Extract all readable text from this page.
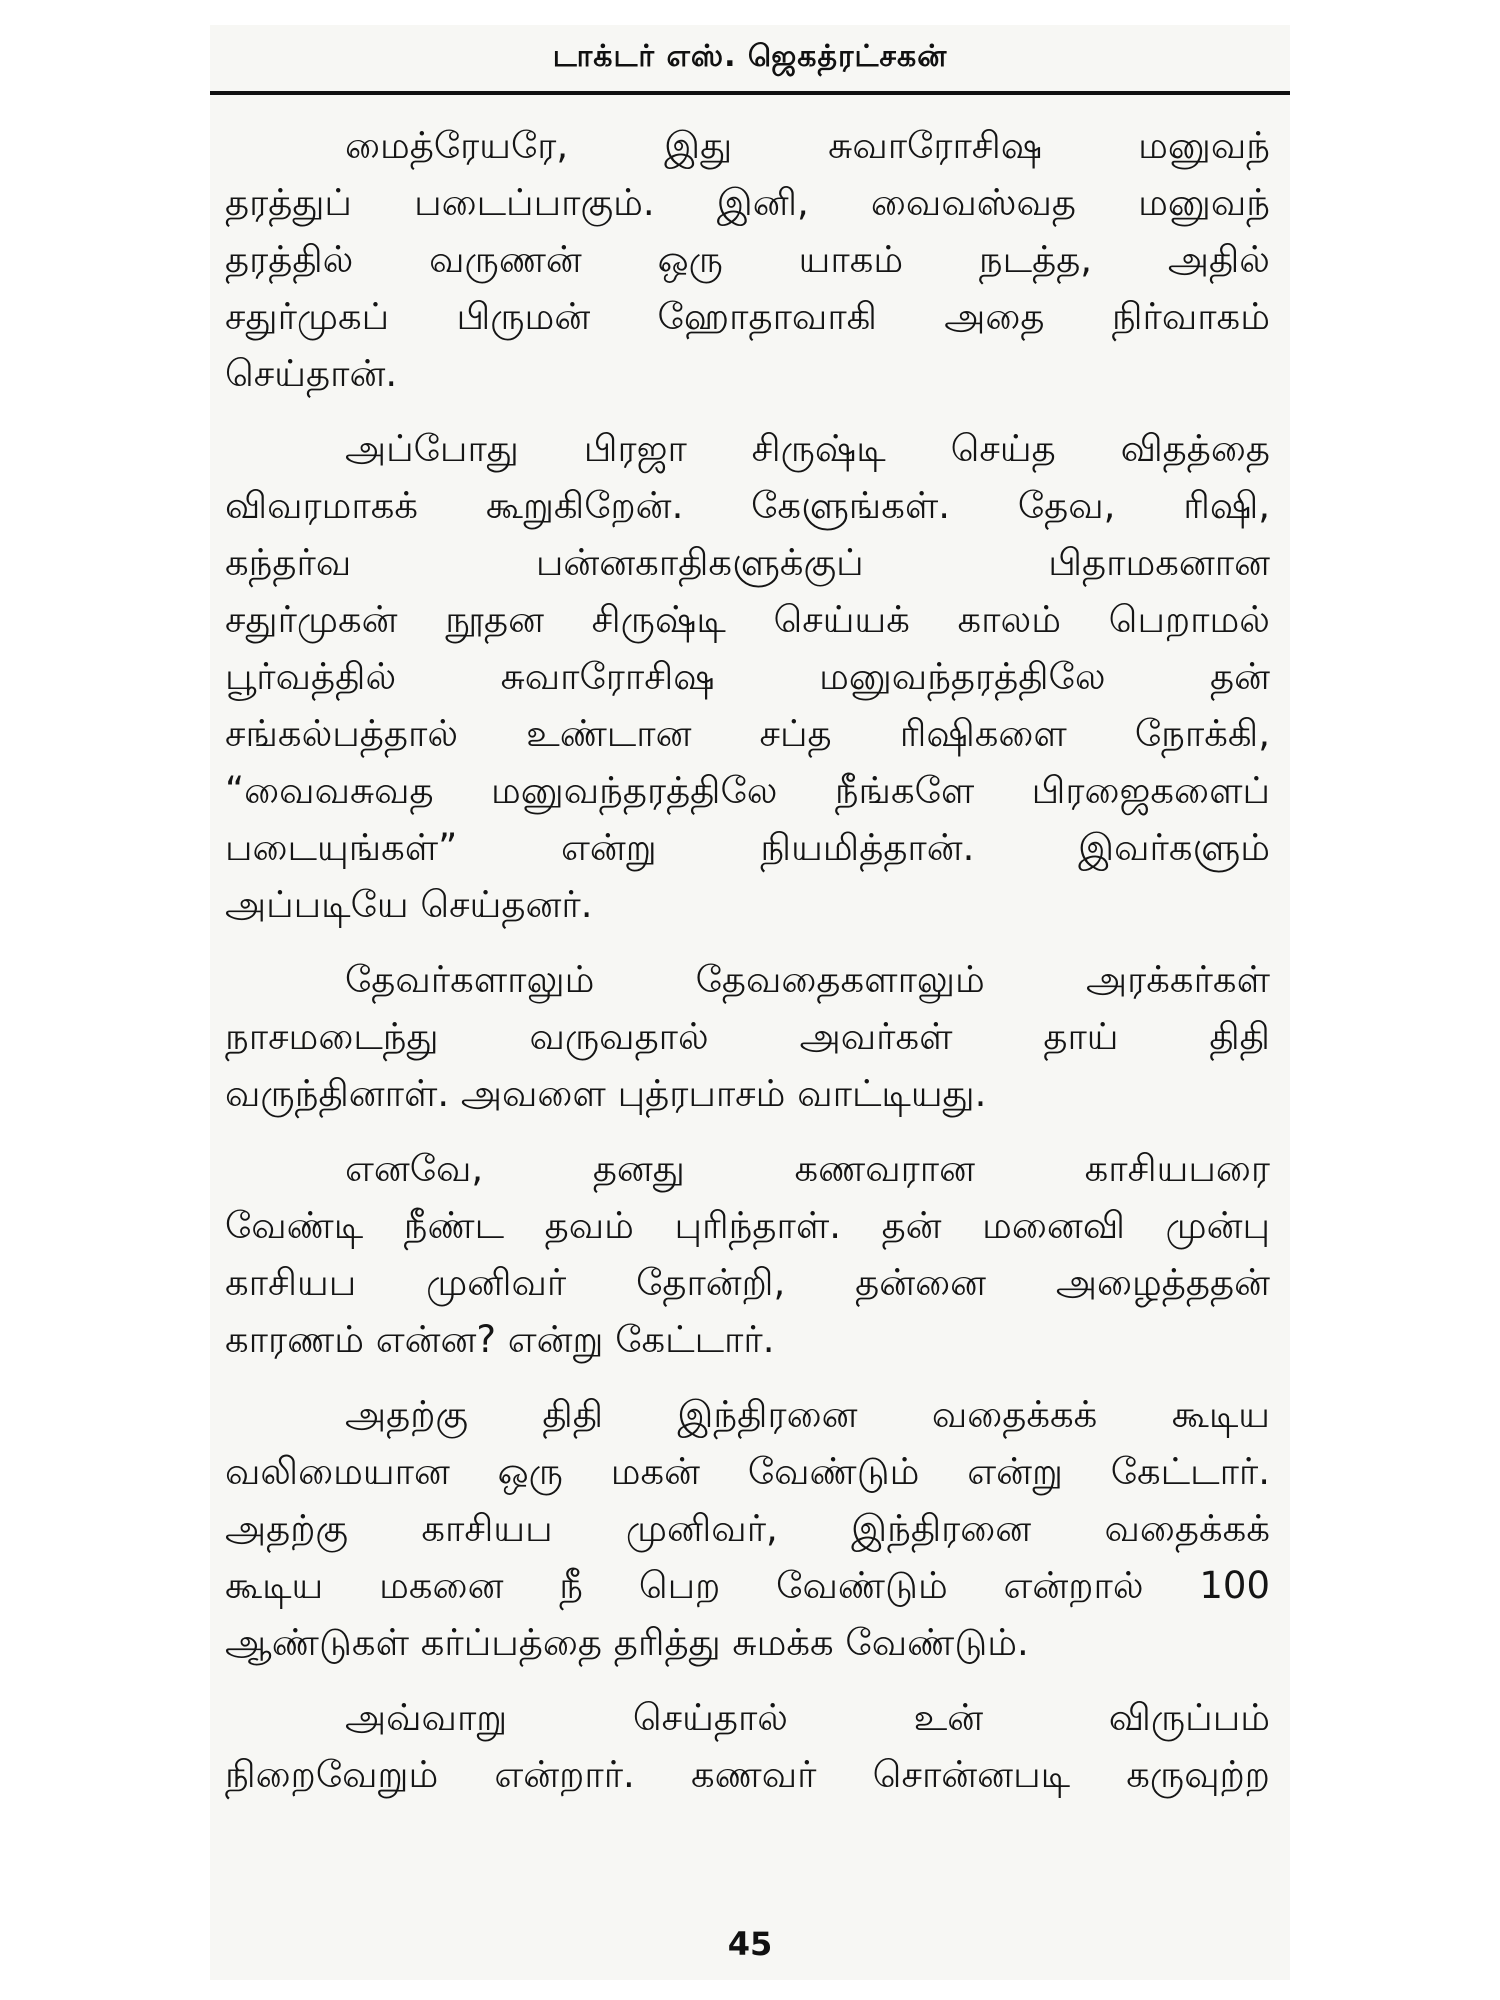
டாக்டர் எஸ். ஜெகத்ரட்சகன்
மைத்ரேயரே, இது சுவாரோசிஷ மனுவந்
தரத்துப் படைப்பாகும். இனி, வைவஸ்வத மனுவந்
தரத்தில் வருணன் ஒரு யாகம் நடத்த, அதில்
சதுர்முகப் பிருமன் ஹோதாவாகி அதை நிர்வாகம்
செய்தான்.
அப்போது பிரஜா சிருஷ்டி செய்த விதத்தை
விவரமாகக் கூறுகிறேன். கேளுங்கள். தேவ, ரிஷி,
கந்தர்வ பன்னகாதிகளுக்குப் பிதாமகனான
சதுர்முகன் நூதன சிருஷ்டி செய்யக் காலம் பெறாமல்
பூர்வத்தில் சுவாரோசிஷ மனுவந்தரத்திலே தன்
சங்கல்பத்தால் உண்டான சப்த ரிஷிகளை நோக்கி,
“வைவசுவத மனுவந்தரத்திலே நீங்களே பிரஜைகளைப்
படையுங்கள்” என்று நியமித்தான். இவர்களும்
அப்படியே செய்தனர்.
தேவர்களாலும் தேவதைகளாலும் அரக்கர்கள்
நாசமடைந்து வருவதால் அவர்கள் தாய் திதி
வருந்தினாள். அவளை புத்ரபாசம் வாட்டியது.
எனவே, தனது கணவரான காசியபரை
வேண்டி நீண்ட தவம் புரிந்தாள். தன் மனைவி முன்பு
காசியப முனிவர் தோன்றி, தன்னை அழைத்ததன்
காரணம் என்ன? என்று கேட்டார்.
அதற்கு திதி இந்திரனை வதைக்கக் கூடிய
வலிமையான ஒரு மகன் வேண்டும் என்று கேட்டார்.
அதற்கு காசியப முனிவர், இந்திரனை வதைக்கக்
கூடிய மகனை நீ பெற வேண்டும் என்றால் 100
ஆண்டுகள் கர்ப்பத்தை தரித்து சுமக்க வேண்டும்.
அவ்வாறு செய்தால் உன் விருப்பம்
நிறைவேறும் என்றார். கணவர் சொன்னபடி கருவுற்ற
45
